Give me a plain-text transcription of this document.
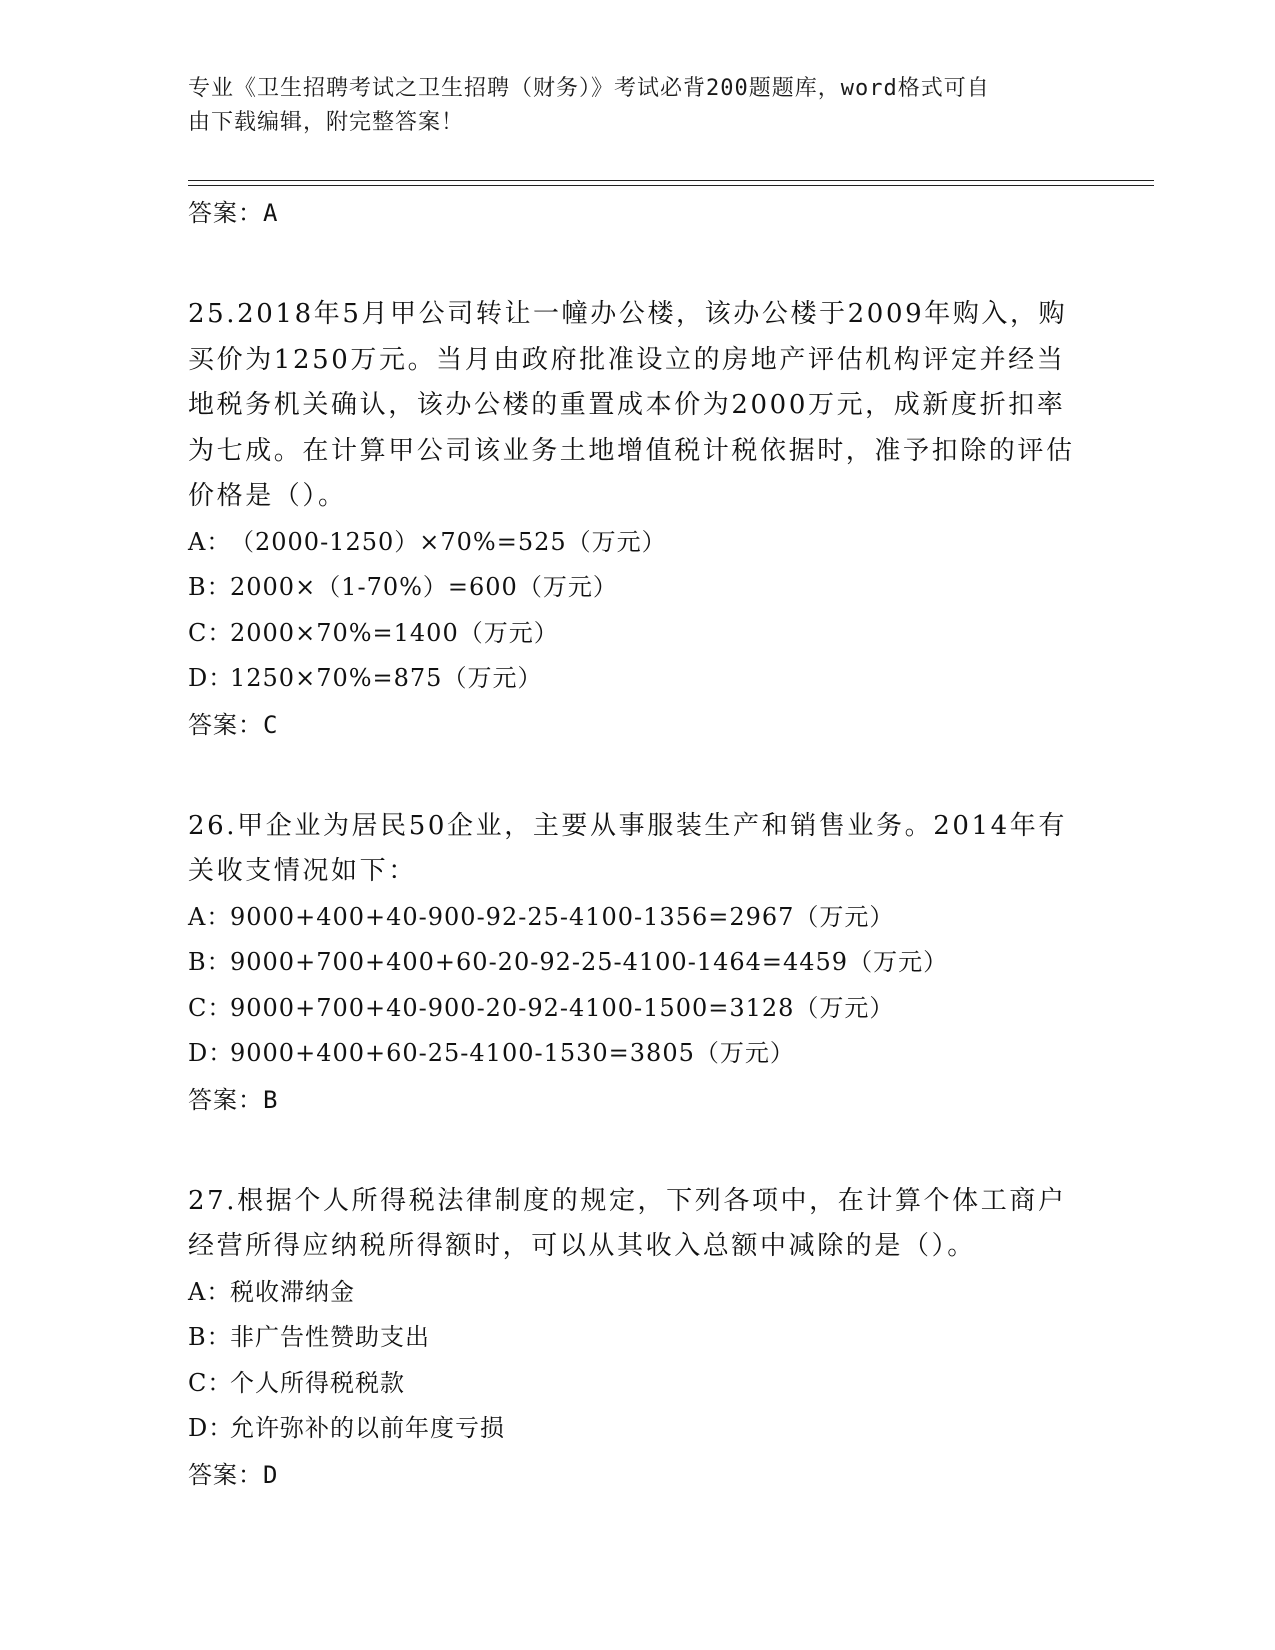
专业《卫生招聘考试之卫生招聘（财务）》考试必背200题题库，word格式可自
由下载编辑，附完整答案！
答案：A
25.2018年5月甲公司转让一幢办公楼，该办公楼于2009年购入，购买价为1250万元。当月由政府批准设立的房地产评估机构评定并经当地税务机关确认，该办公楼的重置成本价为2000万元，成新度折扣率为七成。在计算甲公司该业务土地增值税计税依据时，准予扣除的评估价格是（）。
A：（2000-1250）×70%=525（万元）
B：2000×（1-70%）=600（万元）
C：2000×70%=1400（万元）
D：1250×70%=875（万元）
答案：C
26.甲企业为居民50企业，主要从事服装生产和销售业务。2014年有关收支情况如下：
A：9000+400+40-900-92-25-4100-1356=2967（万元）
B：9000+700+400+60-20-92-25-4100-1464=4459（万元）
C：9000+700+40-900-20-92-4100-1500=3128（万元）
D：9000+400+60-25-4100-1530=3805（万元）
答案：B
27.根据个人所得税法律制度的规定，下列各项中，在计算个体工商户经营所得应纳税所得额时，可以从其收入总额中减除的是（）。
A：税收滞纳金
B：非广告性赞助支出
C：个人所得税税款
D：允许弥补的以前年度亏损
答案：D
